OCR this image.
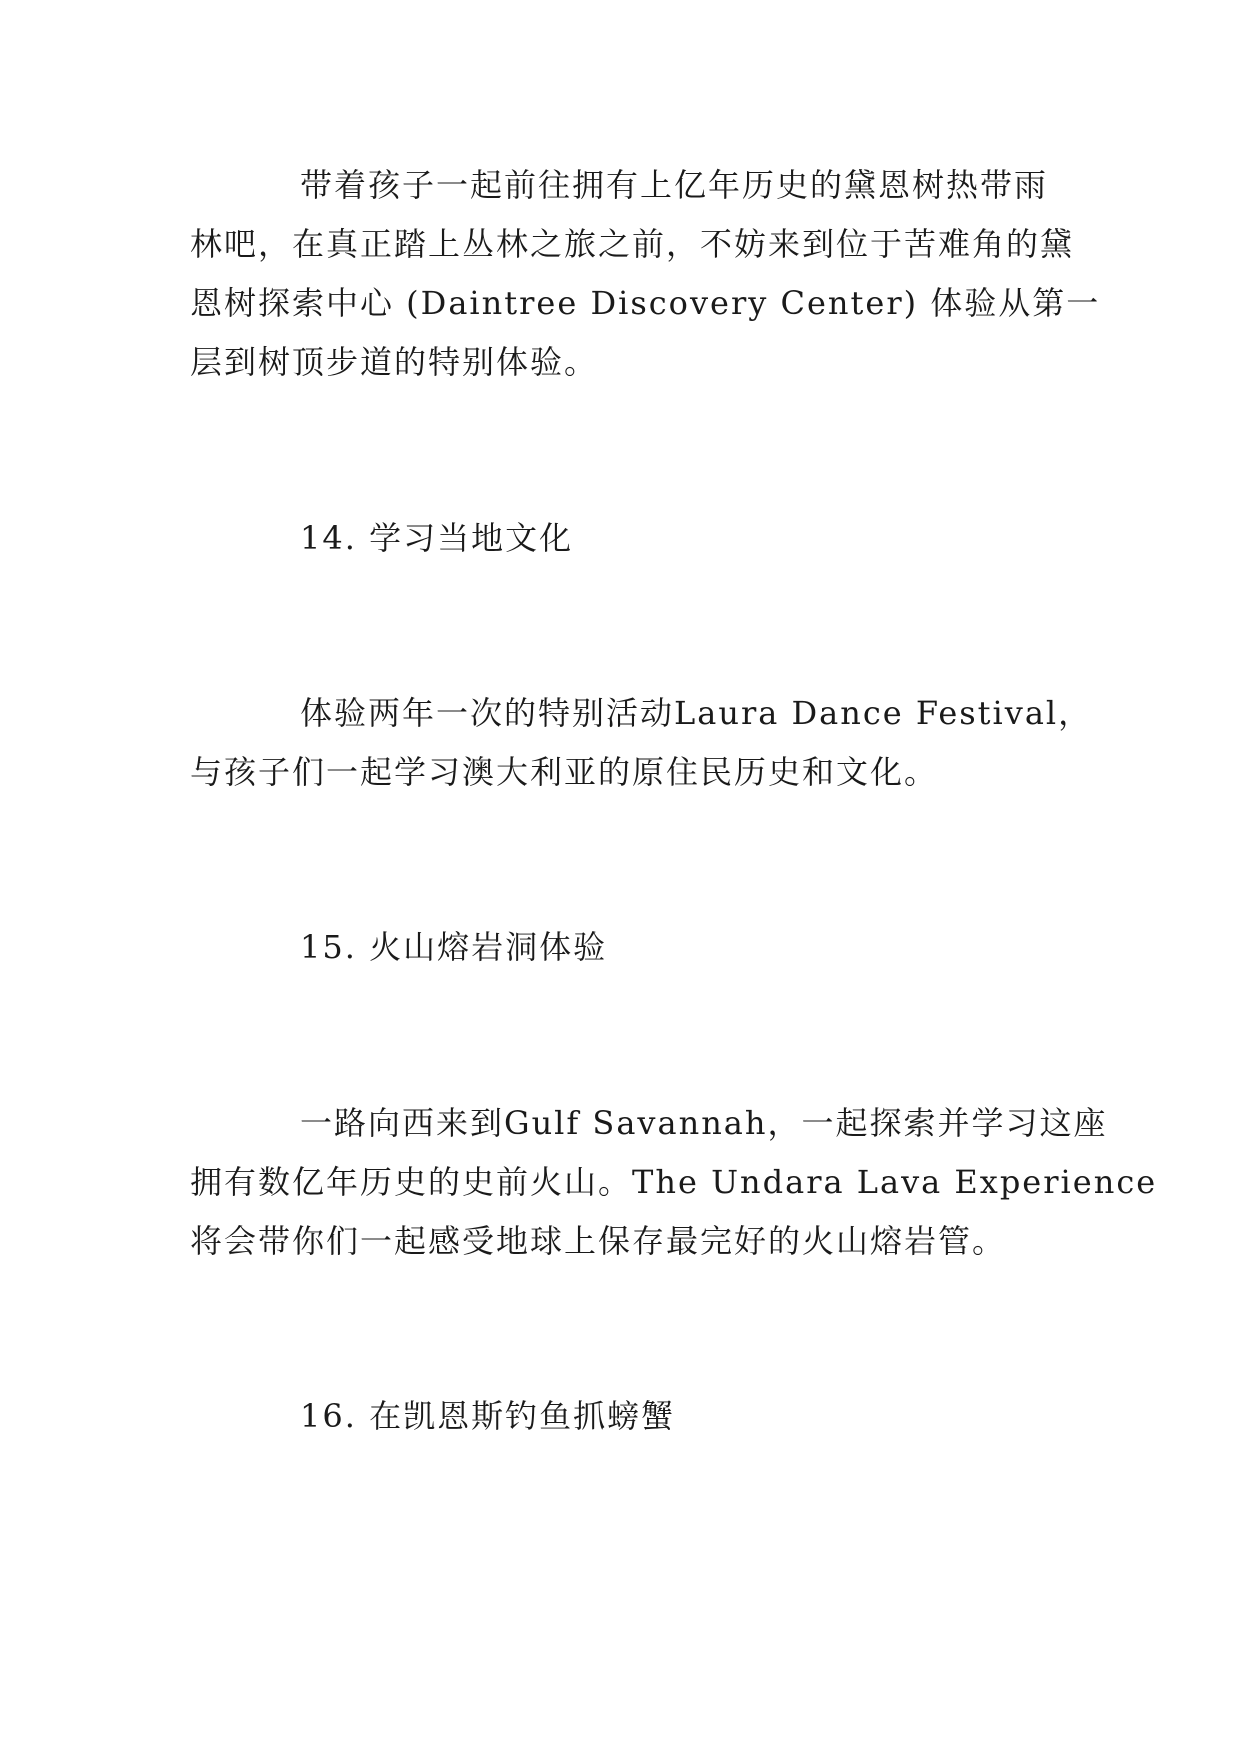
带着孩子一起前往拥有上亿年历史的黛恩树热带雨
林吧，在真正踏上丛林之旅之前，不妨来到位于苦难角的黛
恩树探索中心 (Daintree Discovery Center) 体验从第一
层到树顶步道的特别体验。
14. 学习当地文化
体验两年一次的特别活动Laura Dance Festival，
与孩子们一起学习澳大利亚的原住民历史和文化。
15. 火山熔岩洞体验
一路向西来到Gulf Savannah，一起探索并学习这座
拥有数亿年历史的史前火山。The Undara Lava Experience
将会带你们一起感受地球上保存最完好的火山熔岩管。
16. 在凯恩斯钓鱼抓螃蟹
